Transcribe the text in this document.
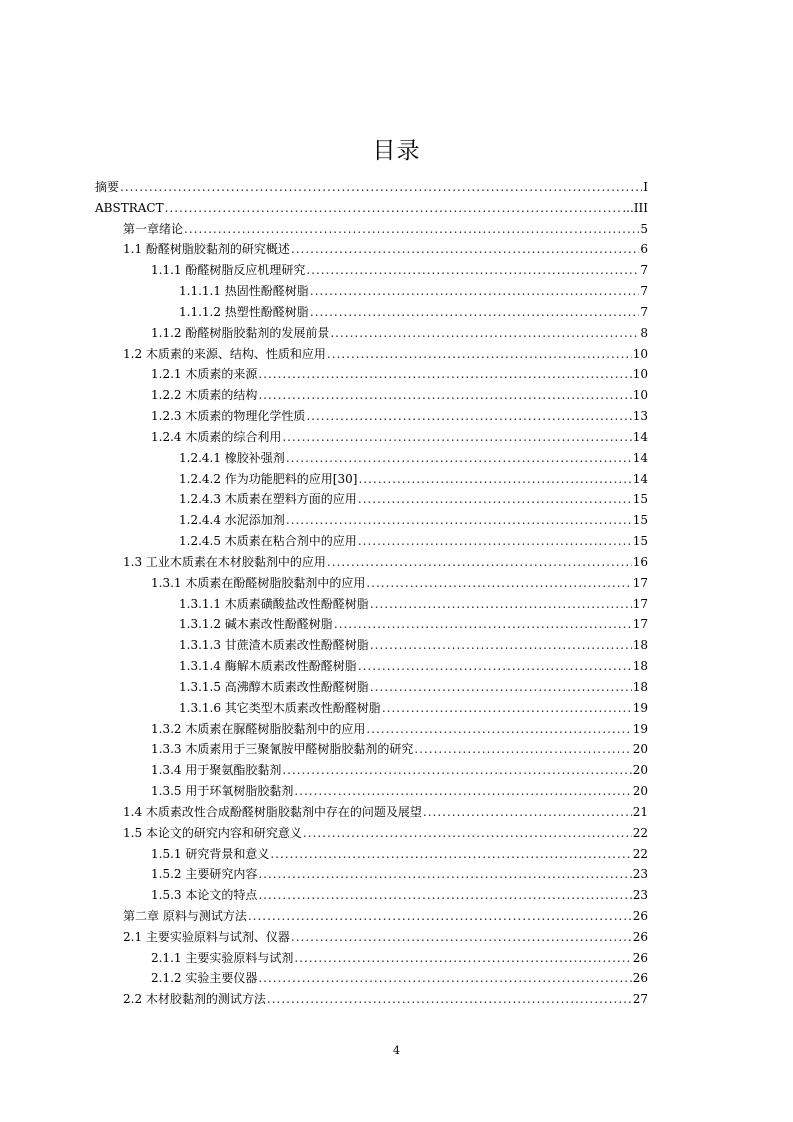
目录
摘要 .....	I
ABSTRACT .....	...III
第一章绪论 .....	5
1.1 酚醛树脂胶黏剂的研究概述 .....	6
1.1.1 酚醛树脂反应机理研究 .....	7
1.1.1.1 热固性酚醛树脂 .....	7
1.1.1.2 热塑性酚醛树脂 .....	7
1.1.2 酚醛树脂胶黏剂的发展前景 .....	8
1.2 木质素的来源、结构、性质和应用 .....	10
1.2.1 木质素的来源 .....	10
1.2.2 木质素的结构 .....	10
1.2.3 木质素的物理化学性质 .....	13
1.2.4 木质素的综合利用 .....	14
1.2.4.1 橡胶补强剂 .....	14
1.2.4.2 作为功能肥料的应用[30] .....	14
1.2.4.3 木质素在塑料方面的应用 .....	15
1.2.4.4 水泥添加剂 .....	15
1.2.4.5 木质素在粘合剂中的应用 .....	15
1.3 工业木质素在木材胶黏剂中的应用 .....	16
1.3.1 木质素在酚醛树脂胶黏剂中的应用 .....	17
1.3.1.1 木质素磺酸盐改性酚醛树脂 .....	17
1.3.1.2 碱木素改性酚醛树脂 .....	17
1.3.1.3 甘蔗渣木质素改性酚醛树脂 .....	18
1.3.1.4 酶解木质素改性酚醛树脂 .....	18
1.3.1.5 高沸醇木质素改性酚醛树脂 .....	18
1.3.1.6 其它类型木质素改性酚醛树脂 .....	19
1.3.2 木质素在脲醛树脂胶黏剂中的应用 .....	19
1.3.3 木质素用于三聚氰胺甲醛树脂胶黏剂的研究 .....	20
1.3.4 用于聚氨酯胶黏剂 .....	20
1.3.5 用于环氧树脂胶黏剂 .....	20
1.4 木质素改性合成酚醛树脂胶黏剂中存在的问题及展望 .....	21
1.5 本论文的研究内容和研究意义 .....	22
1.5.1 研究背景和意义 .....	22
1.5.2 主要研究内容 .....	23
1.5.3 本论文的特点 .....	23
第二章 原料与测试方法 .....	26
2.1 主要实验原料与试剂、仪器 .....	26
2.1.1 主要实验原料与试剂 .....	26
2.1.2 实验主要仪器 .....	26
2.2 木材胶黏剂的测试方法 .....	27
4
